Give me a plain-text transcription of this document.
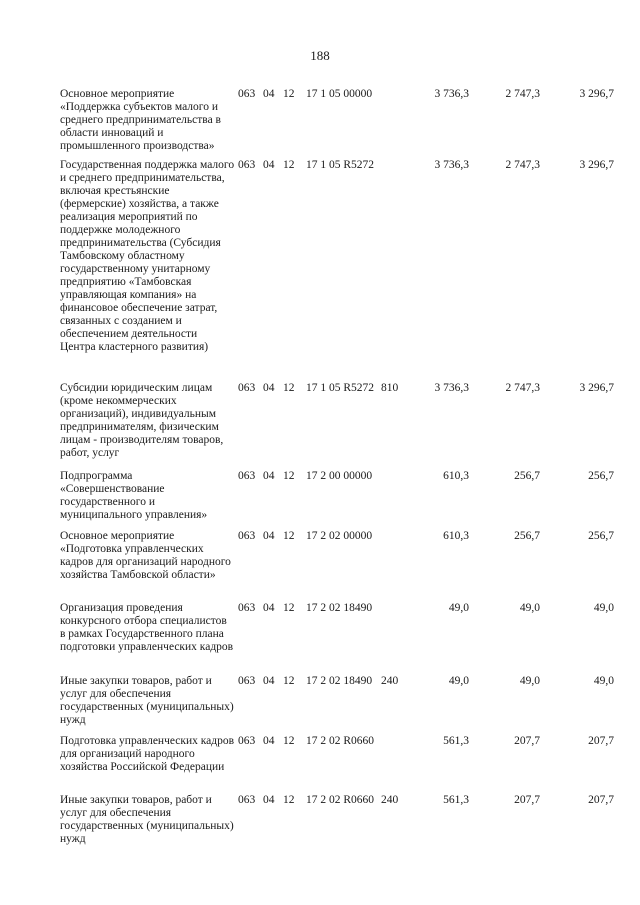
188
Основное мероприятие «Поддержка субъектов малого и среднего предпринимательства в области инноваций и промышленного производства»
063 04 12 17 1 05 00000	3 736,3	2 747,3	3 296,7
Государственная поддержка малого и среднего предпринимательства, включая крестьянские (фермерские) хозяйства, а также реализация мероприятий по поддержке молодежного предпринимательства (Субсидия Тамбовскому областному государственному унитарному предприятию «Тамбовская управляющая компания» на финансовое обеспечение затрат, связанных с созданием и обеспечением деятельности Центра кластерного развития)
063 04 12 17 1 05 R5272	3 736,3	2 747,3	3 296,7
Субсидии юридическим лицам (кроме некоммерческих организаций), индивидуальным предпринимателям, физическим лицам - производителям товаров, работ, услуг
063 04 12 17 1 05 R5272 810	3 736,3	2 747,3	3 296,7
Подпрограмма «Совершенствование государственного и муниципального управления»
063 04 12 17 2 00 00000	610,3	256,7	256,7
Основное мероприятие «Подготовка управленческих кадров для организаций народного хозяйства Тамбовской области»
063 04 12 17 2 02 00000	610,3	256,7	256,7
Организация проведения конкурсного отбора специалистов в рамках Государственного плана подготовки управленческих кадров
063 04 12 17 2 02 18490	49,0	49,0	49,0
Иные закупки товаров, работ и услуг для обеспечения государственных (муниципальных) нужд
063 04 12 17 2 02 18490 240	49,0	49,0	49,0
Подготовка управленческих кадров для организаций народного хозяйства Российской Федерации
063 04 12 17 2 02 R0660	561,3	207,7	207,7
Иные закупки товаров, работ и услуг для обеспечения государственных (муниципальных) нужд
063 04 12 17 2 02 R0660 240	561,3	207,7	207,7
